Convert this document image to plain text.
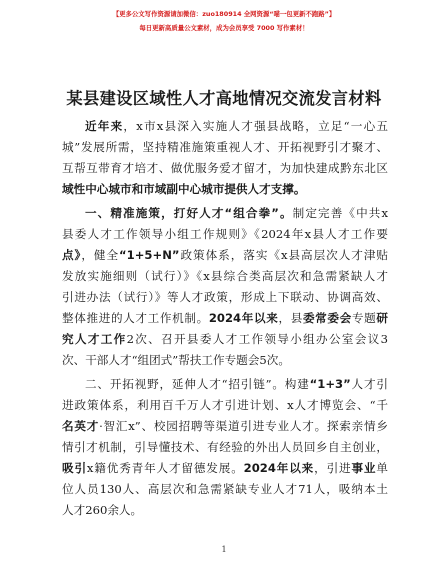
【更多公文写作资源请加微信：zuo180914 全网资源“喵一包更新不跑路”】
每日更新高质量公文素材，成为会员享受 7000 写作素材！
某县建设区域性人才高地情况交流发言材料
近年来，x市x县深入实施人才强县战略，立足“一心五
城”发展所需，坚持精准施策重视人才、开拓视野引才聚才、
互帮互带育才培才、做优服务爱才留才，为加快建成黔东北区
域性中心城市和市域副中心城市提供人才支撑。
一、精准施策，打好人才“组合拳”。制定完善《中共x
县委人才工作领导小组工作规则》《2024年x县人才工作要
点》，健全“1+5+N”政策体系，落实《x县高层次人才津贴
发放实施细则（试行）》《x县综合类高层次和急需紧缺人才
引进办法（试行）》等人才政策，形成上下联动、协调高效、
整体推进的人才工作机制。2024年以来，县委常委会专题研
究人才工作2次、召开县委人才工作领导小组办公室会议3
次、干部人才“组团式”帮扶工作专题会5次。
二、开拓视野，延伸人才“招引链”。构建“1+3”人才引
进政策体系，利用百千万人才引进计划、x人才博览会、“千
名英才·智汇x”、校园招聘等渠道引进专业人才。探索亲情乡
情引才机制，引导懂技术、有经验的外出人员回乡自主创业，
吸引x籍优秀青年人才留德发展。2024年以来，引进事业单
位人员130人、高层次和急需紧缺专业人才71人，吸纳本土
人才260余人。
1
